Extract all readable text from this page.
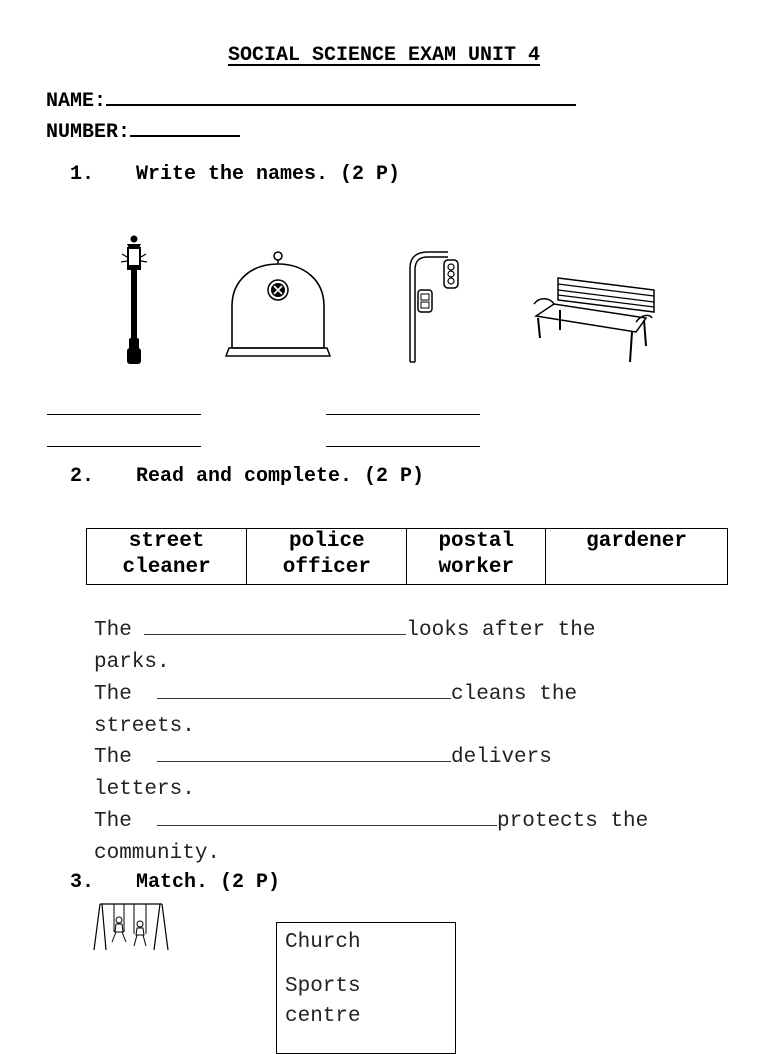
SOCIAL SCIENCE EXAM UNIT 4
NAME:
NUMBER:
1. Write the names. (2 P)
2. Read and complete. (2 P)
street
cleaner

police
officer

postal
worker

gardener
The	looks after the
parks.
The	cleans the
streets.
The	delivers
letters.
The	protects the
community.
3. Match. (2 P)
Church
Sports
centre
